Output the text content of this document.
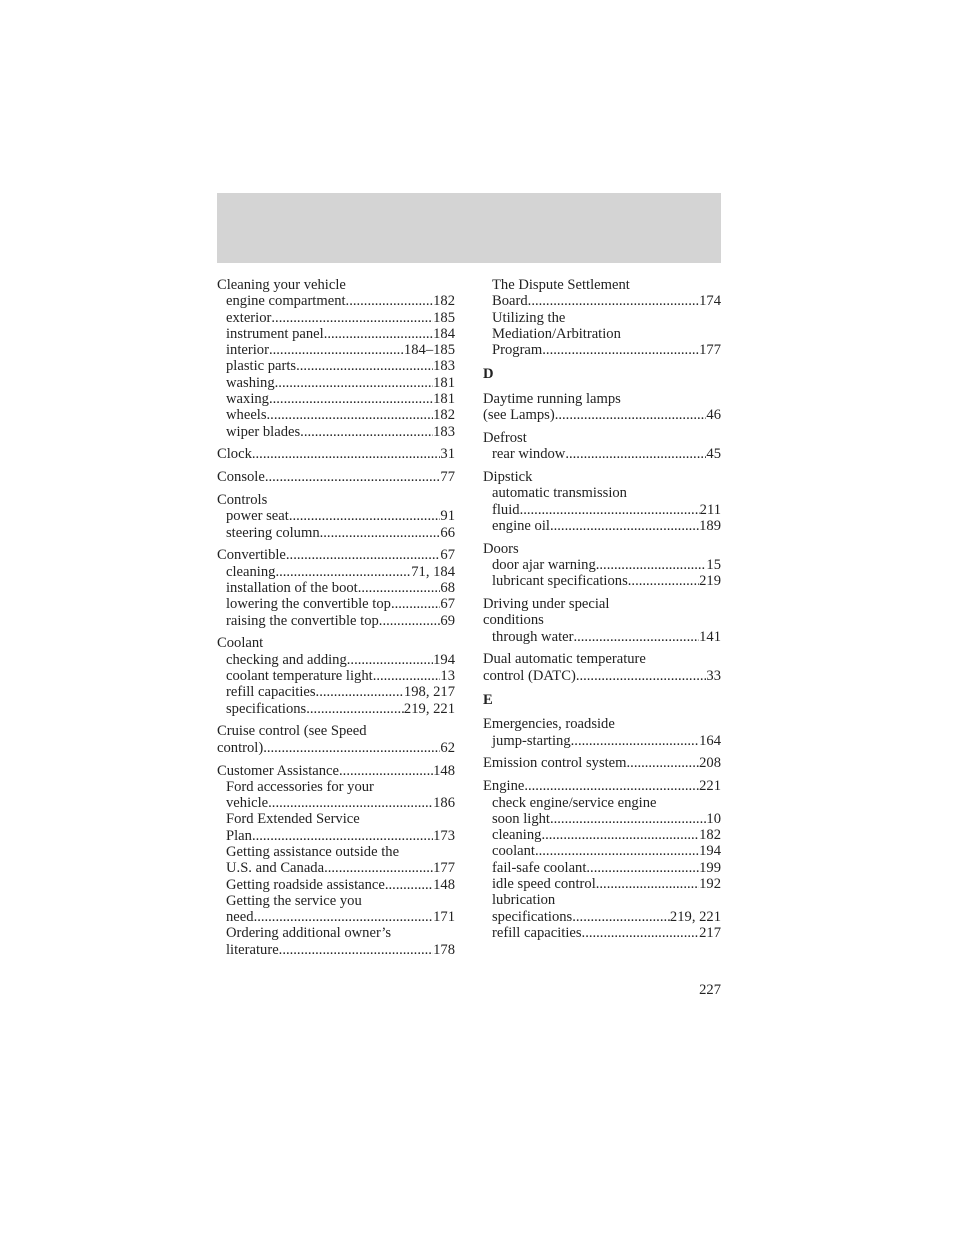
Cleaning your vehicle
engine compartment .....	182
exterior .....	185
instrument panel .....	184
interior .....	184–185
plastic parts .....	183
washing .....	181
waxing .....	181
wheels .....	182
wiper blades .....	183
Clock .....	31
Console .....	77
Controls
power seat .....	91
steering column .....	66
Convertible .....	67
cleaning .....	71, 184
installation of the boot .....	68
lowering the convertible top .....	67
raising the convertible top .....	69
Coolant
checking and adding .....	194
coolant temperature light .....	13
refill capacities .....	198, 217
specifications .....	219, 221
Cruise control (see Speed
control) .....	62
Customer Assistance .....	148
Ford accessories for your
vehicle .....	186
Ford Extended Service
Plan .....	173
Getting assistance outside the
U.S. and Canada .....	177
Getting roadside assistance .....	148
Getting the service you
need .....	171
Ordering additional owner’s
literature .....	178
The Dispute Settlement
Board .....	174
Utilizing the
Mediation/Arbitration
Program .....	177
D
Daytime running lamps
(see Lamps) .....	46
Defrost
rear window .....	45
Dipstick
automatic transmission
fluid .....	211
engine oil .....	189
Doors
door ajar warning .....	15
lubricant specifications .....	219
Driving under special
conditions
through water .....	141
Dual automatic temperature
control (DATC) .....	33
E
Emergencies, roadside
jump-starting .....	164
Emission control system .....	208
Engine .....	221
check engine/service engine
soon light .....	10
cleaning .....	182
coolant .....	194
fail-safe coolant .....	199
idle speed control .....	192
lubrication
specifications .....	219, 221
refill capacities .....	217
227
